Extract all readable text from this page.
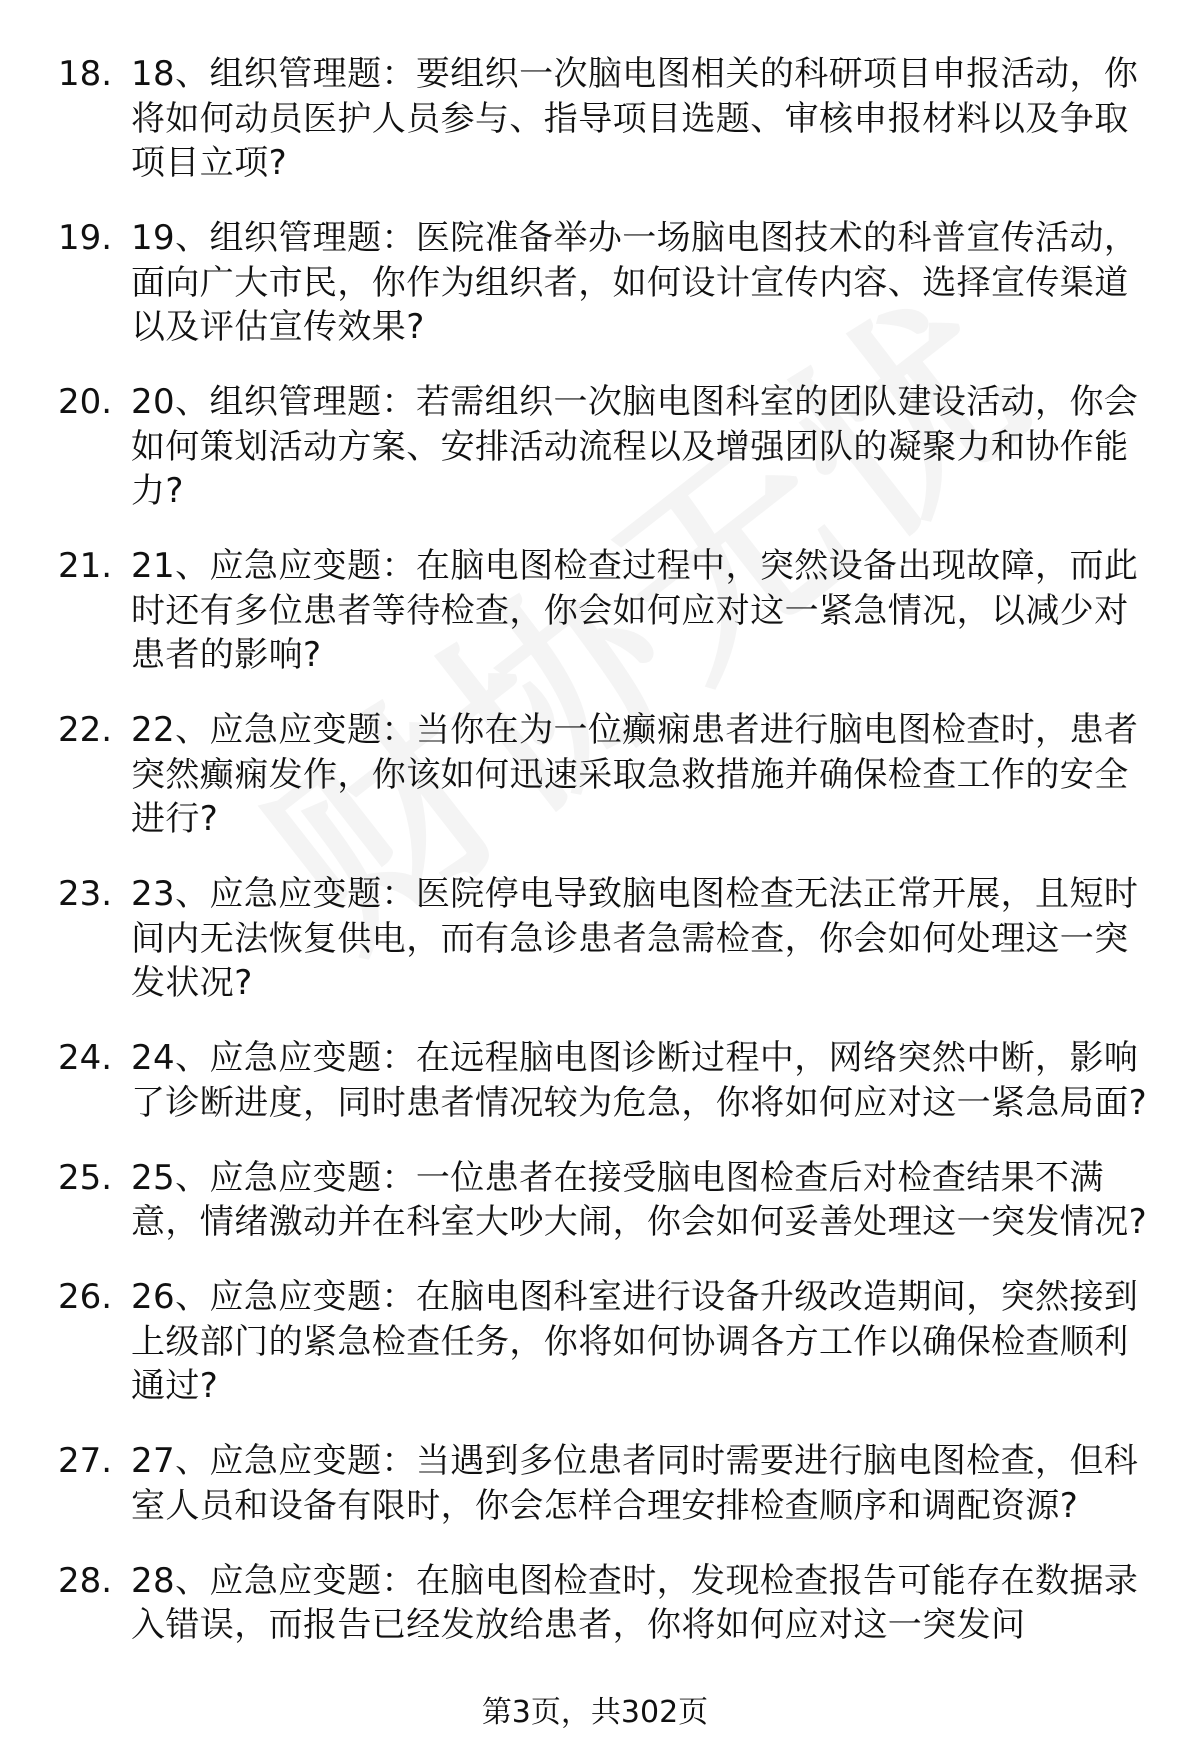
18. 18、组织管理题：要组织一次脑电图相关的科研项目申报活动，你将如何动员医护人员参与、指导项目选题、审核申报材料以及争取项目立项?
19. 19、组织管理题：医院准备举办一场脑电图技术的科普宣传活动，面向广大市民，你作为组织者，如何设计宣传内容、选择宣传渠道以及评估宣传效果?
20. 20、组织管理题：若需组织一次脑电图科室的团队建设活动，你会如何策划活动方案、安排活动流程以及增强团队的凝聚力和协作能力?
21. 21、应急应变题：在脑电图检查过程中，突然设备出现故障，而此时还有多位患者等待检查，你会如何应对这一紧急情况，以减少对患者的影响?
22. 22、应急应变题：当你在为一位癫痫患者进行脑电图检查时，患者突然癫痫发作，你该如何迅速采取急救措施并确保检查工作的安全进行?
23. 23、应急应变题：医院停电导致脑电图检查无法正常开展，且短时间内无法恢复供电，而有急诊患者急需检查，你会如何处理这一突发状况?
24. 24、应急应变题：在远程脑电图诊断过程中，网络突然中断，影响了诊断进度，同时患者情况较为危急，你将如何应对这一紧急局面?
25. 25、应急应变题：一位患者在接受脑电图检查后对检查结果不满意，情绪激动并在科室大吵大闹，你会如何妥善处理这一突发情况?
26. 26、应急应变题：在脑电图科室进行设备升级改造期间，突然接到上级部门的紧急检查任务，你将如何协调各方工作以确保检查顺利通过?
27. 27、应急应变题：当遇到多位患者同时需要进行脑电图检查，但科室人员和设备有限时，你会怎样合理安排检查顺序和调配资源?
28. 28、应急应变题：在脑电图检查时，发现检查报告可能存在数据录入错误，而报告已经发放给患者，你将如何应对这一突发问
第3页，共302页
